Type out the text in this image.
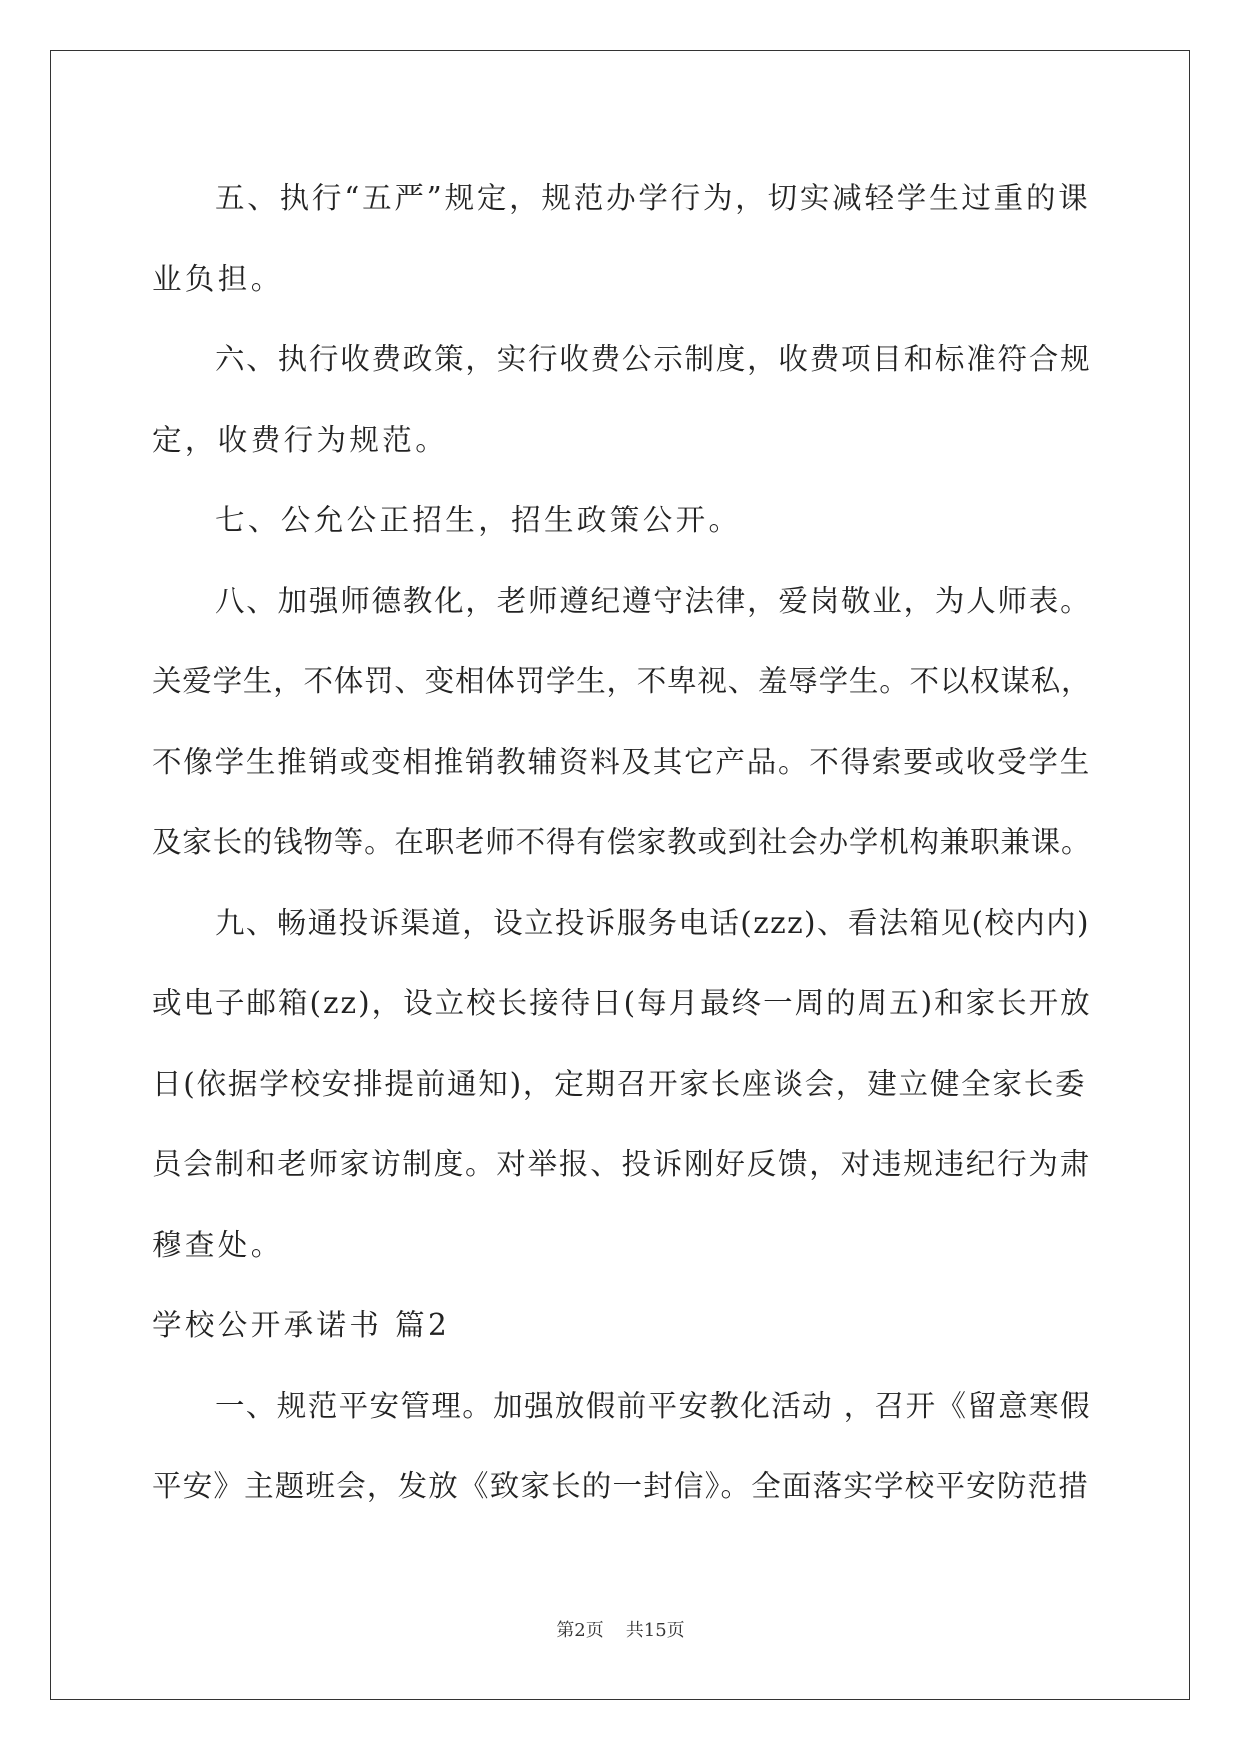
五、执行“五严”规定，规范办学行为，切实减轻学生过重的课

业负担。

六、执行收费政策，实行收费公示制度，收费项目和标准符合规

定，收费行为规范。

七、公允公正招生，招生政策公开。

八、加强师德教化，老师遵纪遵守法律，爱岗敬业，为人师表。

关爱学生，不体罚、变相体罚学生，不卑视、羞辱学生。不以权谋私，

不像学生推销或变相推销教辅资料及其它产品。不得索要或收受学生

及家长的钱物等。在职老师不得有偿家教或到社会办学机构兼职兼课。

九、畅通投诉渠道，设立投诉服务电话(zzz)、看法箱见(校内内)

或电子邮箱(zz)，设立校长接待日(每月最终一周的周五)和家长开放

日(依据学校安排提前通知)，定期召开家长座谈会，建立健全家长委

员会制和老师家访制度。对举报、投诉刚好反馈，对违规违纪行为肃

穆查处。

学校公开承诺书 篇2

一、规范平安管理。加强放假前平安教化活动 ，召开《留意寒假

平安》主题班会，发放《致家长的一封信》。全面落实学校平安防范措

第2页 共15页
